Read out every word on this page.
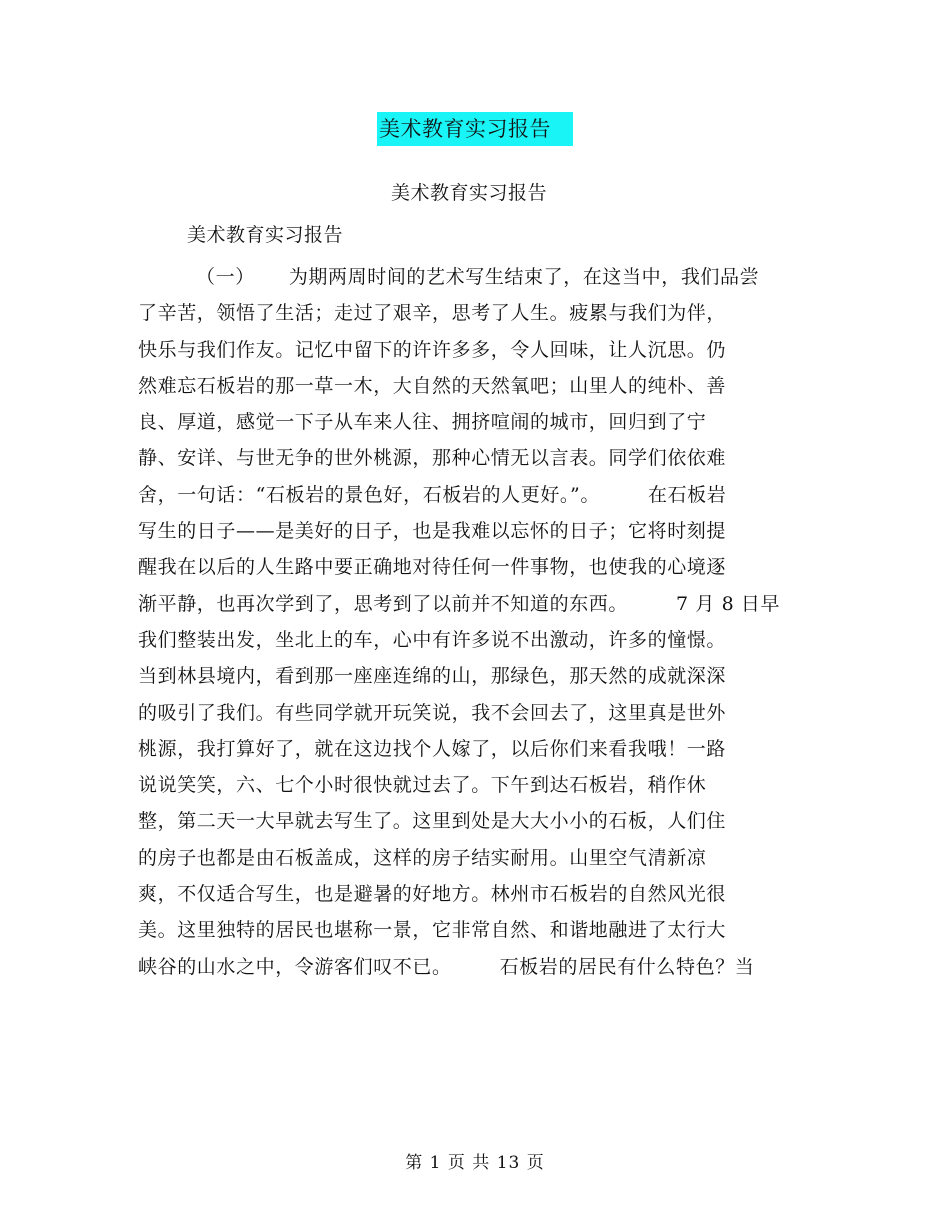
美术教育实习报告
美术教育实习报告
美术教育实习报告
（一） 为期两周时间的艺术写生结束了，在这当中，我们品尝
了辛苦，领悟了生活；走过了艰辛，思考了人生。疲累与我们为伴，
快乐与我们作友。记忆中留下的许许多多，令人回味，让人沉思。仍
然难忘石板岩的那一草一木，大自然的天然氧吧；山里人的纯朴、善
良、厚道，感觉一下子从车来人往、拥挤喧闹的城市，回归到了宁
静、安详、与世无争的世外桃源，那种心情无以言表。同学们依依难
舍，一句话：“石板岩的景色好，石板岩的人更好。”。	在石板岩
写生的日子——是美好的日子，也是我难以忘怀的日子；它将时刻提
醒我在以后的人生路中要正确地对待任何一件事物，也使我的心境逐
渐平静，也再次学到了，思考到了以前并不知道的东西。	7 月 8 日早
我们整装出发，坐北上的车，心中有许多说不出激动，许多的憧憬。
当到林县境内，看到那一座座连绵的山，那绿色，那天然的成就深深
的吸引了我们。有些同学就开玩笑说，我不会回去了，这里真是世外
桃源，我打算好了，就在这边找个人嫁了，以后你们来看我哦！一路
说说笑笑，六、七个小时很快就过去了。下午到达石板岩，稍作休
整，第二天一大早就去写生了。这里到处是大大小小的石板，人们住
的房子也都是由石板盖成，这样的房子结实耐用。山里空气清新凉
爽，不仅适合写生，也是避暑的好地方。林州市石板岩的自然风光很
美。这里独特的居民也堪称一景，它非常自然、和谐地融进了太行大
峡谷的山水之中，令游客们叹不已。	石板岩的居民有什么特色？当
第 1 页 共 13 页
